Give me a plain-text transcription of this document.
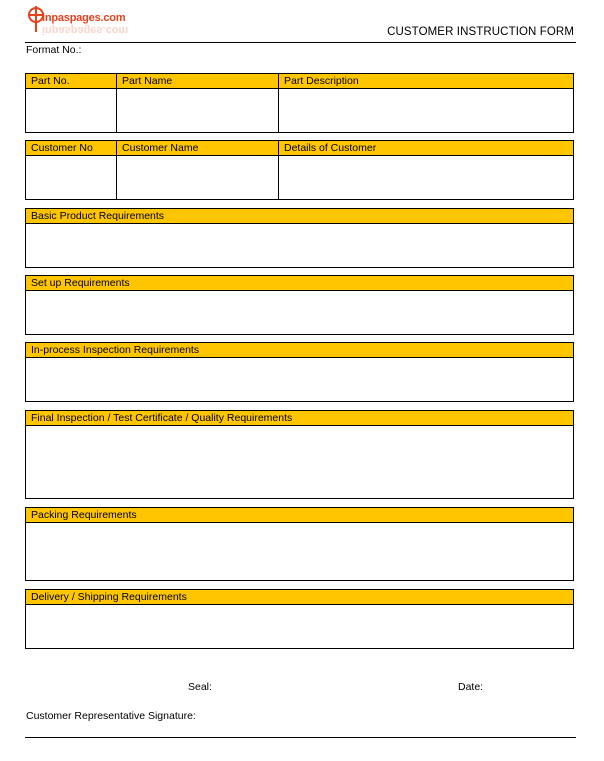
inpaspages.com
inpaspages.com	CUSTOMER INSTRUCTION FORM
Format No.:
Part No.	Part Name	Part Description
Customer No	Customer Name	Details of Customer
Basic Product Requirements
Set up Requirements
In-process Inspection Requirements
Final Inspection / Test Certificate / Quality Requirements
Packing Requirements
Delivery / Shipping Requirements
Seal:	Date:
Customer Representative Signature:
